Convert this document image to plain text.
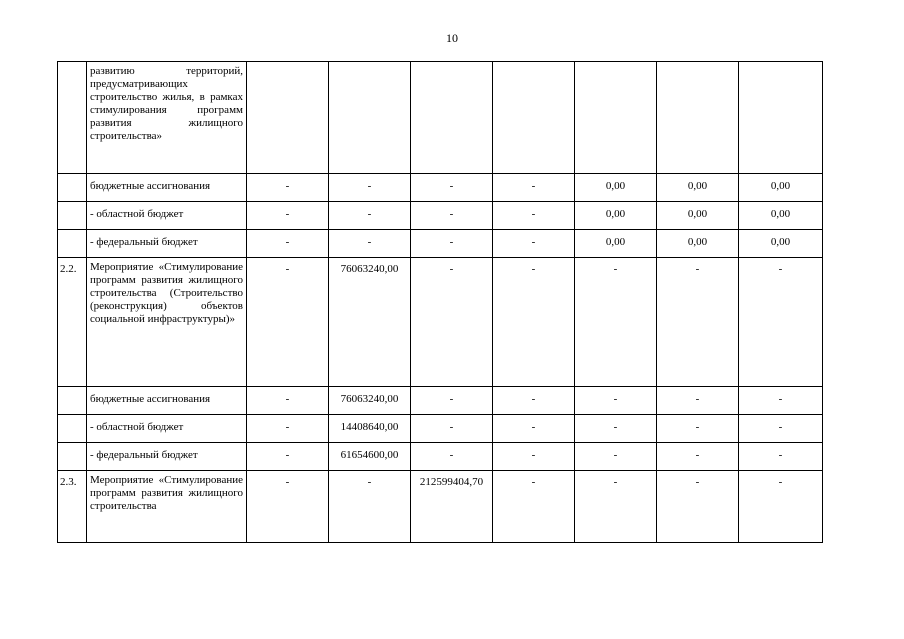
10
	развитию территорий, предусматривающих строительство жилья, в рамках стимулирования программ развития жилищного строительства»							
	бюджетные ассигнования	-	-	-	-	0,00	0,00	0,00
	- областной бюджет	-	-	-	-	0,00	0,00	0,00
	- федеральный бюджет	-	-	-	-	0,00	0,00	0,00
2.2.	Мероприятие «Стимулирование программ развития жилищного строительства (Строительство (реконструкция) объектов социальной инфраструктуры)»	-	76063240,00	-	-	-	-	-
	бюджетные ассигнования	-	76063240,00	-	-	-	-	-
	- областной бюджет	-	14408640,00	-	-	-	-	-
	- федеральный бюджет	-	61654600,00	-	-	-	-	-
2.3.	Мероприятие «Стимулирование программ развития жилищного строительства	-	-	212599404,70	-	-	-	-
